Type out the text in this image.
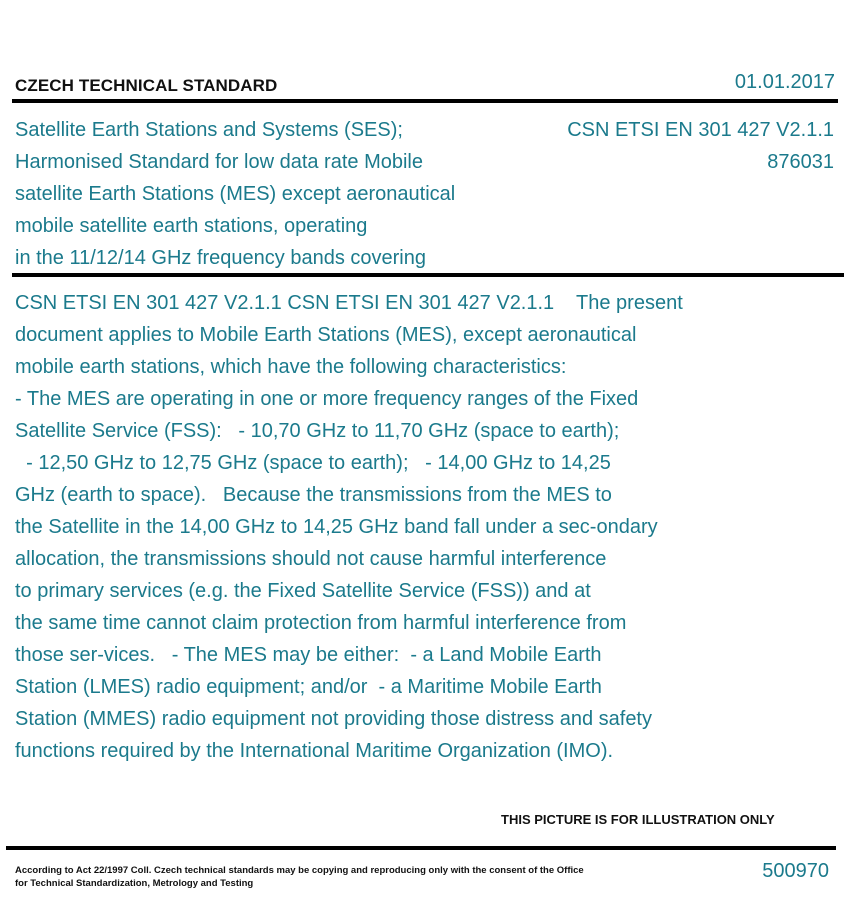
CZECH TECHNICAL STANDARD	01.01.2017
Satellite Earth Stations and Systems (SES);
Harmonised Standard for low data rate Mobile
satellite Earth Stations (MES) except aeronautical
mobile satellite earth stations, operating
in the 11/12/14 GHz frequency bands covering
CSN ETSI EN 301 427 V2.1.1
876031
CSN ETSI EN 301 427 V2.1.1 CSN ETSI EN 301 427 V2.1.1    The present
document applies to Mobile Earth Stations (MES), except aeronautical
mobile earth stations, which have the following characteristics:
- The MES are operating in one or more frequency ranges of the Fixed
Satellite Service (FSS):   - 10,70 GHz to 11,70 GHz (space to earth);
- 12,50 GHz to 12,75 GHz (space to earth);   - 14,00 GHz to 14,25
GHz (earth to space).   Because the transmissions from the MES to
the Satellite in the 14,00 GHz to 14,25 GHz band fall under a sec-ondary
allocation, the transmissions should not cause harmful interference
to primary services (e.g. the Fixed Satellite Service (FSS)) and at
the same time cannot claim protection from harmful interference from
those ser-vices.   - The MES may be either:  - a Land Mobile Earth
Station (LMES) radio equipment; and/or  - a Maritime Mobile Earth
Station (MMES) radio equipment not providing those distress and safety
functions required by the International Maritime Organization (IMO).
THIS PICTURE IS FOR ILLUSTRATION ONLY
According to Act 22/1997 Coll. Czech technical standards may be copying and reproducing only with the consent of the Office
for Technical Standardization, Metrology and Testing
500970
